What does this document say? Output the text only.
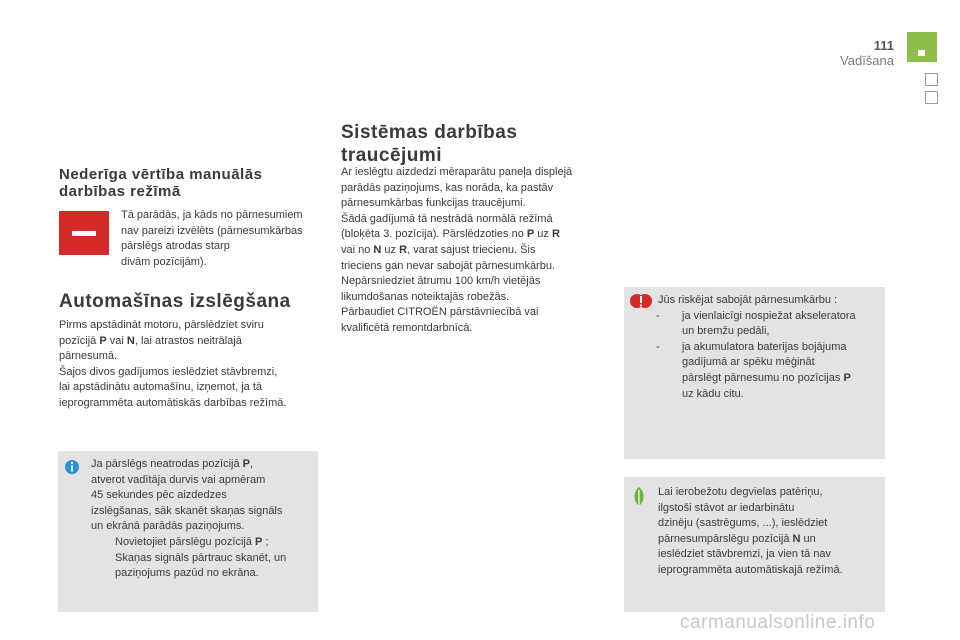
111
Vadīšana
Nederīga vērtība manuālās
darbības režīmā

Tā parādās, ja kāds no pārnesumiem

nav pareizi izvēlēts (pārnesumkārbas

pārslēgs atrodas starp

divām pozīcijām).

Automašīnas izslēgšana

Pirms apstādināt motoru, pārslēdziet sviru

pozīcijā P vai N, lai atrastos neitrālajā

pārnesumā.

Šajos divos gadījumos ieslēdziet stāvbremzi,

lai apstādinātu automašīnu, izņemot, ja tā

ieprogrammēta automātiskās darbības režīmā.

Ja pārslēgs neatrodas pozīcijā P,

atverot vadītāja durvis vai apmēram

45 sekundes pēc aizdedzes

izslēgšanas, sāk skanēt skaņas signāls

un ekrānā parādās paziņojums.

Novietojiet pārslēgu pozīcijā P ;

Skaņas signāls pārtrauc skanēt, un

paziņojums pazūd no ekrāna.

Sistēmas darbības
traucējumi

Ar ieslēgtu aizdedzi mēraparātu paneļa displejā

parādās paziņojums, kas norāda, ka pastāv

pārnesumkārbas funkcijas traucējumi.

Šādā gadījumā tā nestrādā normālā režīmā

(bloķēta 3. pozīcija). Pārslēdzoties no P uz R

vai no N uz R, varat sajust triecienu. Šis

trieciens gan nevar sabojāt pārnesumkārbu.

Nepārsniedziet ātrumu 100 km/h vietējās

likumdošanas noteiktajās robežās.

Pārbaudiet CITROËN pārstāvniecībā vai

kvalificētā remontdarbnīcā.

Jūs riskējat sabojāt pārnesumkārbu :

- ja vienlaicīgi nospiežat akseleratora

un bremžu pedāli,

- ja akumulatora baterijas bojājuma

gadījumā ar spēku mēģināt

pārslēgt pārnesumu no pozīcijas P

uz kādu citu.

Lai ierobežotu degvielas patēriņu,

ilgstoši stāvot ar iedarbinātu

dzinēju (sastrēgums, ...), ieslēdziet

pārnesumpārslēgu pozīcijā N un

ieslēdziet stāvbremzi, ja vien tā nav

ieprogrammēta automātiskajā režīmā.

carmanualsonline.info
